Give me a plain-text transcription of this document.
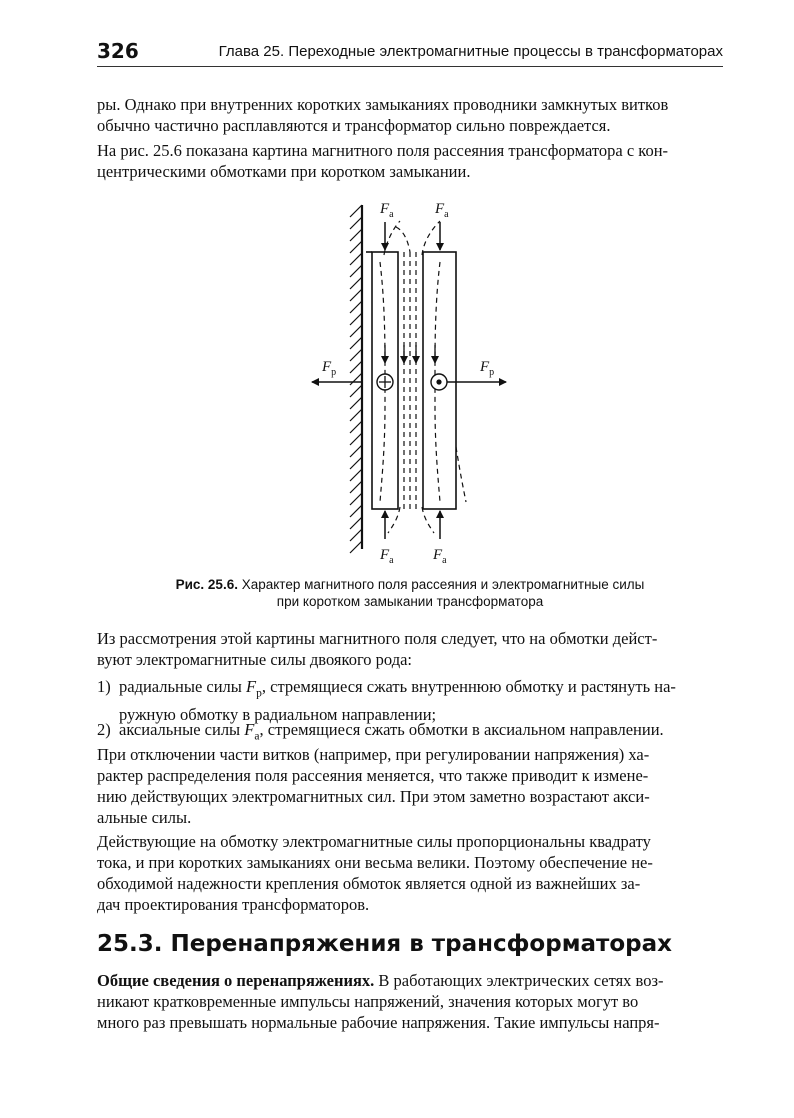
326	Глава 25. Переходные электромагнитные процессы в трансформаторах

ры. Однако при внутренних коротких замыканиях проводники замкнутых витков
обычно частично расплавляются и трансформатор сильно повреждается.

На рис. 25.6 показана картина магнитного поля рассеяния трансформатора с кон-
центрическими обмотками при коротком замыкании.

$F_а$	$F_а$
$F_а$	$F_а$
$F_р$	$F_р$
Рис. 25.6. Характер магнитного поля рассеяния и электромагнитные силы
при коротком замыкании трансформатора

Из рассмотрения этой картины магнитного поля следует, что на обмотки дейст-
вуют электромагнитные силы двоякого рода:

1) радиальные силы $F_р$, стремящиеся сжать внутреннюю обмотку и растянуть на-
ружную обмотку в радиальном направлении;
2) аксиальные силы $F_а$, стремящиеся сжать обмотки в аксиальном направлении.

При отключении части витков (например, при регулировании напряжения) ха-
рактер распределения поля рассеяния меняется, что также приводит к измене-
нию действующих электромагнитных сил. При этом заметно возрастают акси-
альные силы.

Действующие на обмотку электромагнитные силы пропорциональны квадрату
тока, и при коротких замыканиях они весьма велики. Поэтому обеспечение не-
обходимой надежности крепления обмоток является одной из важнейших за-
дач проектирования трансформаторов.

25.3. Перенапряжения в трансформаторах

Общие сведения о перенапряжениях. В работающих электрических сетях воз-
никают кратковременные импульсы напряжений, значения которых могут во
много раз превышать нормальные рабочие напряжения. Такие импульсы напря-
